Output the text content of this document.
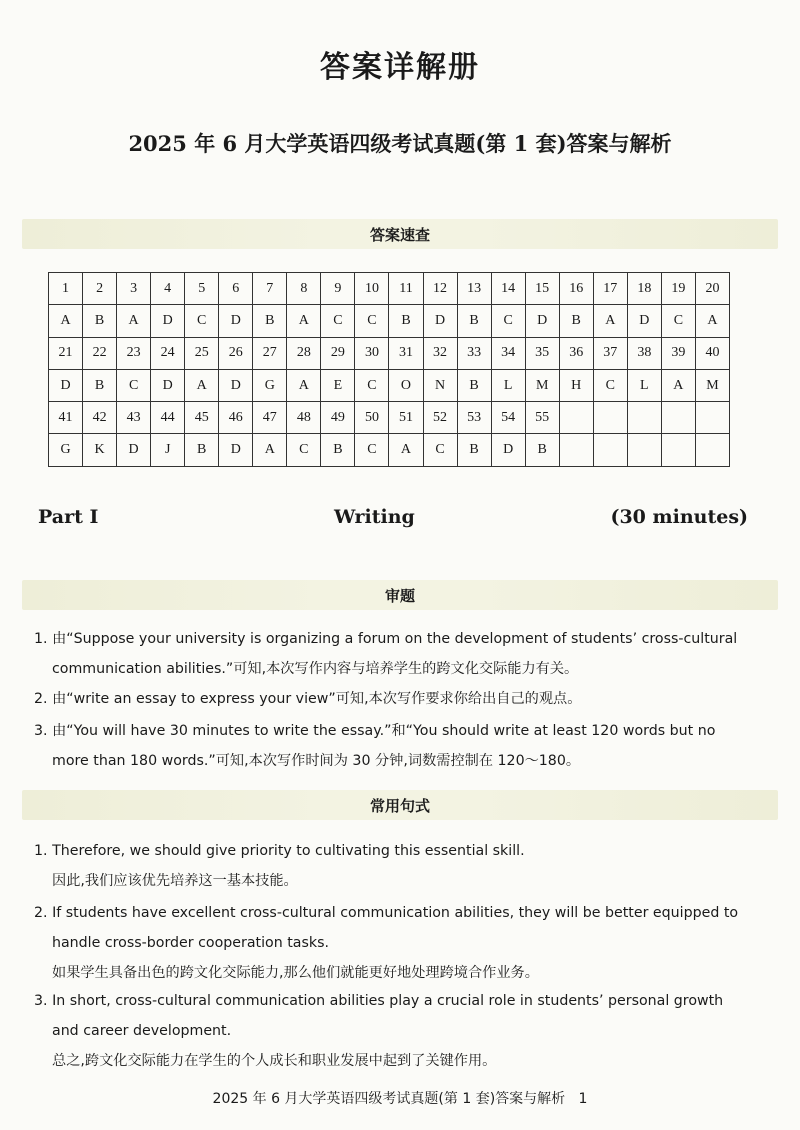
答案详解册
2025 年 6 月大学英语四级考试真题(第 1 套)答案与解析
答案速查
1	2	3	4	5	6	7	8	9	10	11	12	13	14	15	16	17	18	19	20
A	B	A	D	C	D	B	A	C	C	B	D	B	C	D	B	A	D	C	A
21	22	23	24	25	26	27	28	29	30	31	32	33	34	35	36	37	38	39	40
D	B	C	D	A	D	G	A	E	C	O	N	B	L	M	H	C	L	A	M
41	42	43	44	45	46	47	48	49	50	51	52	53	54	55					
G	K	D	J	B	D	A	C	B	C	A	C	B	D	B					
Part Ⅰ	Writing	(30 minutes)
审题
1. 由“Suppose your university is organizing a forum on the development of students’ cross-cultural
communication abilities.”可知,本次写作内容与培养学生的跨文化交际能力有关。
2. 由“write an essay to express your view”可知,本次写作要求你给出自己的观点。
3. 由“You will have 30 minutes to write the essay.”和“You should write at least 120 words but no
more than 180 words.”可知,本次写作时间为 30 分钟,词数需控制在 120～180。
常用句式
1. Therefore, we should give priority to cultivating this essential skill.
因此,我们应该优先培养这一基本技能。
2. If students have excellent cross-cultural communication abilities, they will be better equipped to
handle cross-border cooperation tasks.
如果学生具备出色的跨文化交际能力,那么他们就能更好地处理跨境合作业务。
3. In short, cross-cultural communication abilities play a crucial role in students’ personal growth
and career development.
总之,跨文化交际能力在学生的个人成长和职业发展中起到了关键作用。
2025 年 6 月大学英语四级考试真题(第 1 套)答案与解析 1
